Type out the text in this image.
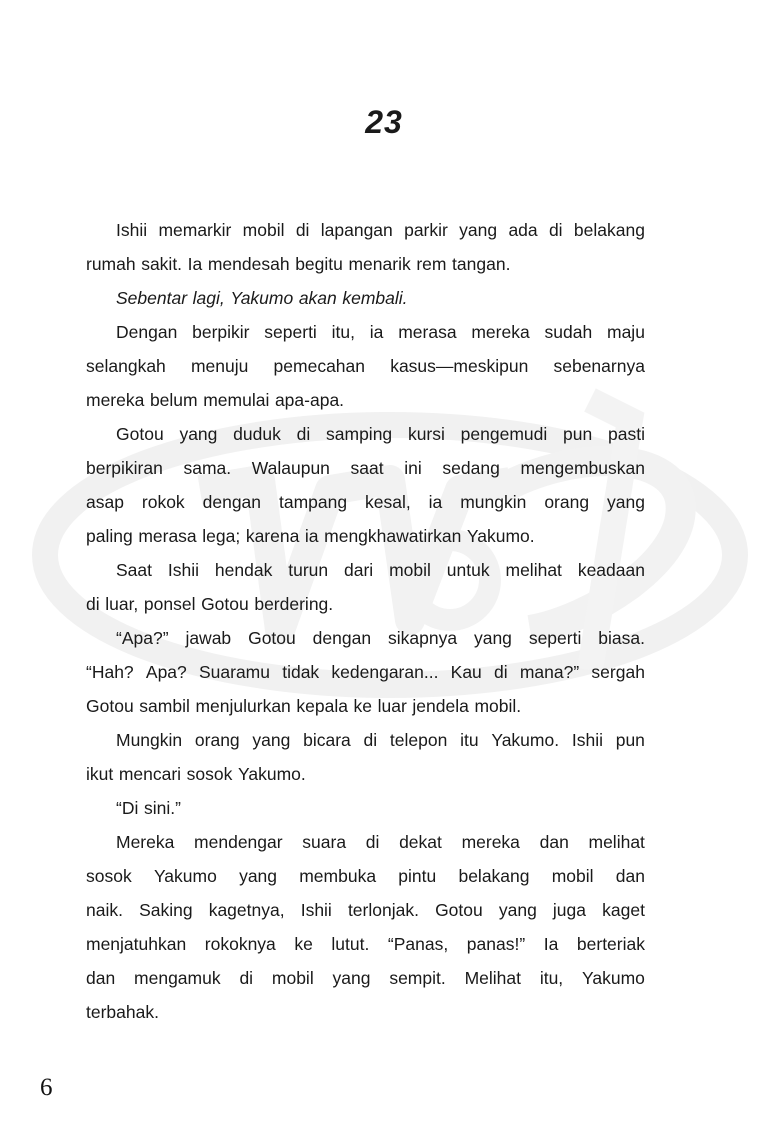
23
Ishii memarkir mobil di lapangan parkir yang ada di belakang
rumah sakit. Ia mendesah begitu menarik rem tangan.
Sebentar lagi, Yakumo akan kembali.
Dengan berpikir seperti itu, ia merasa mereka sudah maju
selangkah menuju pemecahan kasus—meskipun sebenarnya
mereka belum memulai apa-apa.
Gotou yang duduk di samping kursi pengemudi pun pasti
berpikiran sama. Walaupun saat ini sedang mengembuskan
asap rokok dengan tampang kesal, ia mungkin orang yang
paling merasa lega; karena ia mengkhawatirkan Yakumo.
Saat Ishii hendak turun dari mobil untuk melihat keadaan
di luar, ponsel Gotou berdering.
“Apa?” jawab Gotou dengan sikapnya yang seperti biasa.
“Hah? Apa? Suaramu tidak kedengaran... Kau di mana?” sergah
Gotou sambil menjulurkan kepala ke luar jendela mobil.
Mungkin orang yang bicara di telepon itu Yakumo. Ishii pun
ikut mencari sosok Yakumo.
“Di sini.”
Mereka mendengar suara di dekat mereka dan melihat
sosok Yakumo yang membuka pintu belakang mobil dan
naik. Saking kagetnya, Ishii terlonjak. Gotou yang juga kaget
menjatuhkan rokoknya ke lutut. “Panas, panas!” Ia berteriak
dan mengamuk di mobil yang sempit. Melihat itu, Yakumo
terbahak.
6
